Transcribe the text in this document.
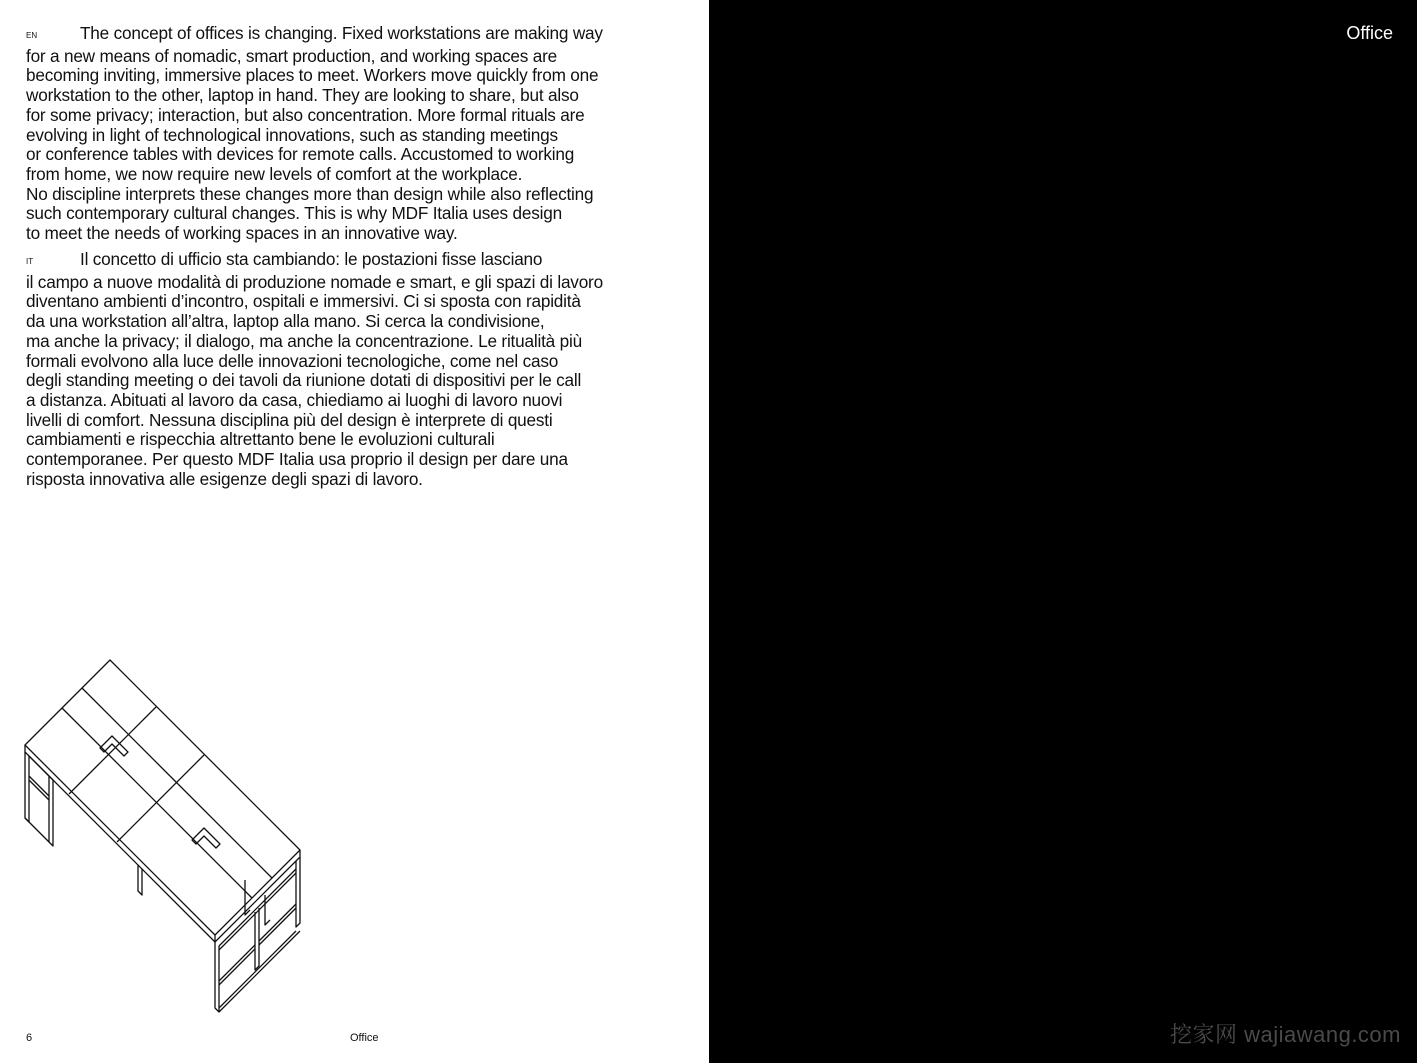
EN The concept of offices is changing. Fixed workstations are making way
for a new means of nomadic, smart production, and working spaces are
becoming inviting, immersive places to meet. Workers move quickly from one
workstation to the other, laptop in hand. They are looking to share, but also
for some privacy; interaction, but also concentration. More formal rituals are
evolving in light of technological innovations, such as standing meetings
or conference tables with devices for remote calls. Accustomed to working
from home, we now require new levels of comfort at the workplace.
No discipline interprets these changes more than design while also reflecting
such contemporary cultural changes. This is why MDF Italia uses design
to meet the needs of working spaces in an innovative way.
IT	Il concetto di ufficio sta cambiando: le postazioni fisse lasciano
il campo a nuove modalità di produzione nomade e smart, e gli spazi di lavoro
diventano ambienti d’incontro, ospitali e immersivi. Ci si sposta con rapidità
da una workstation all’altra, laptop alla mano. Si cerca la condivisione,
ma anche la privacy; il dialogo, ma anche la concentrazione. Le ritualità più
formali evolvono alla luce delle innovazioni tecnologiche, come nel caso
degli standing meeting o dei tavoli da riunione dotati di dispositivi per le call
a distanza. Abituati al lavoro da casa, chiediamo ai luoghi di lavoro nuovi
livelli di comfort. Nessuna disciplina più del design è interprete di questi
cambiamenti e rispecchia altrettanto bene le evoluzioni culturali
contemporanee. Per questo MDF Italia usa proprio il design per dare una
risposta innovativa alle esigenze degli spazi di lavoro.
6	Office
Office
挖家网 wajiawang.com
